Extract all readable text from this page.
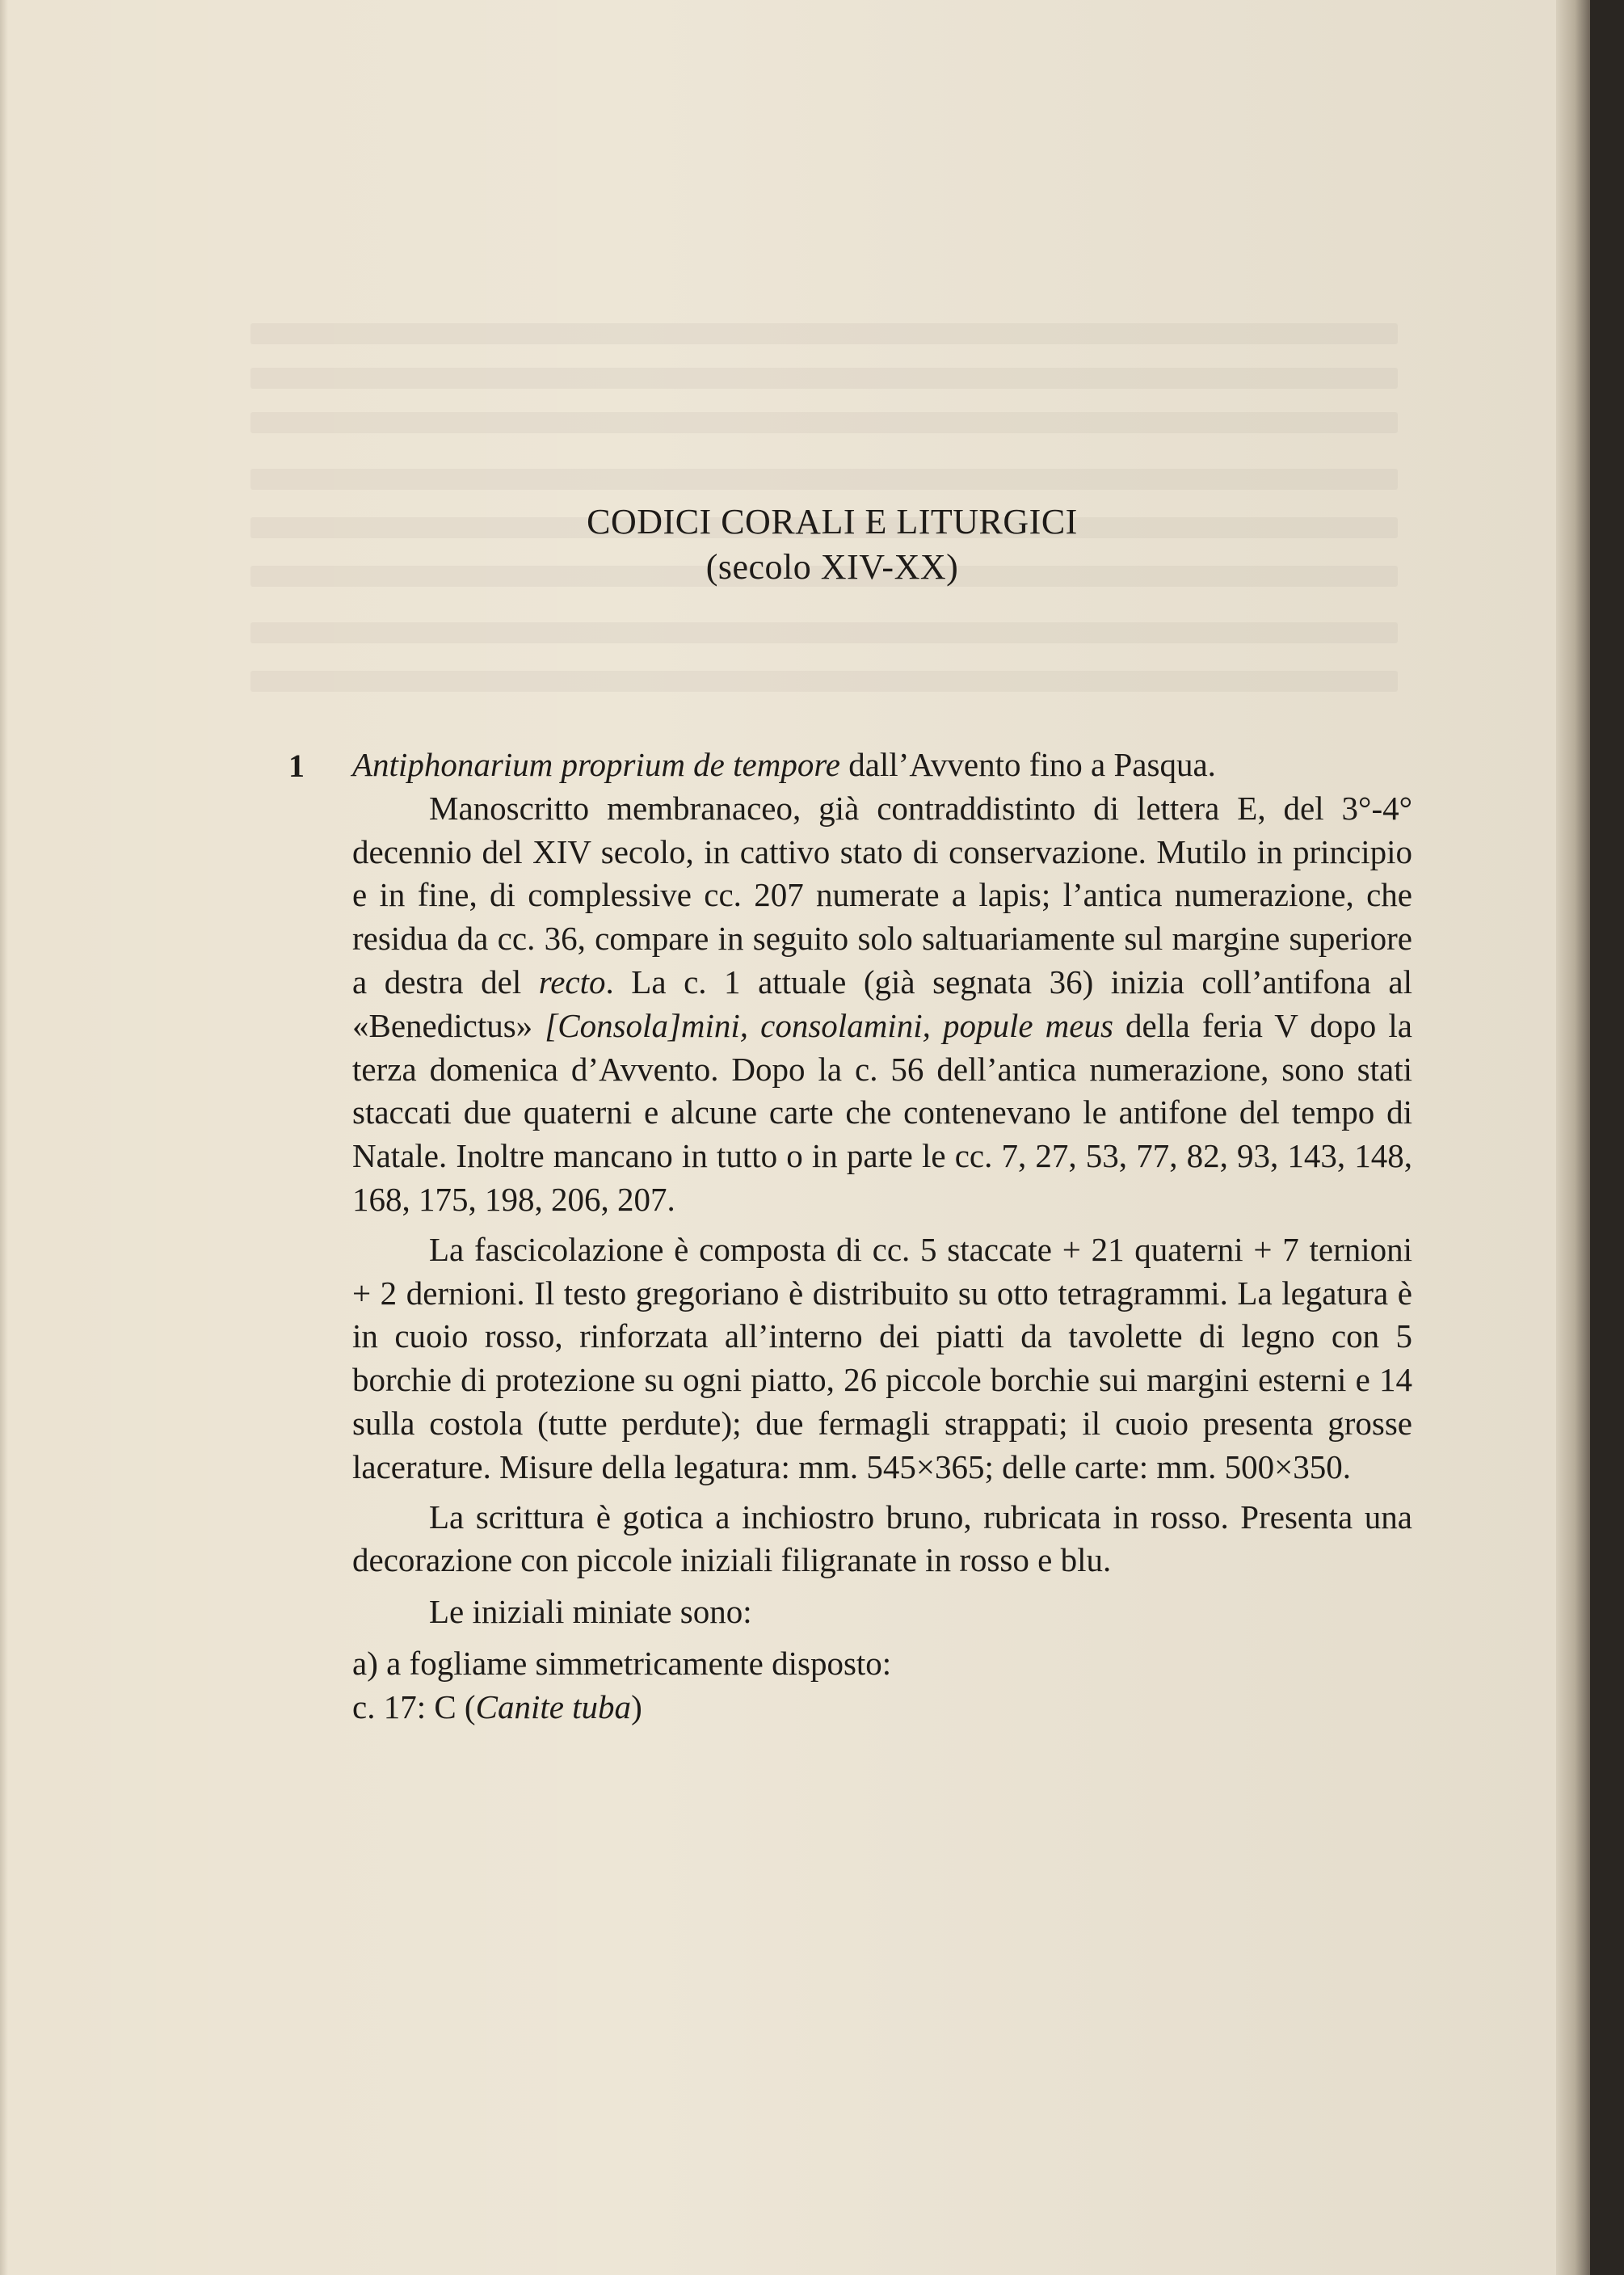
CODICI CORALI E LITURGICI
(secolo XIV-XX)
1 Antiphonarium proprium de tempore dall’Avvento fino a Pasqua.

Manoscritto membranaceo, già contraddistinto di lettera E, del 3°-4° decennio del XIV secolo, in cattivo stato di conservazione. Mutilo in principio e in fine, di complessive cc. 207 numerate a lapis; l’antica numerazione, che residua da cc. 36, compare in seguito solo saltuariamente sul margine superiore a destra del recto. La c. 1 attuale (già segnata 36) inizia coll’antifona al «Benedictus» [Consola]mini, consolamini, popule meus della feria V dopo la terza domenica d’Avvento. Dopo la c. 56 dell’antica numerazione, sono stati staccati due quaterni e alcune carte che contenevano le antifone del tempo di Natale. Inoltre mancano in tutto o in parte le cc. 7, 27, 53, 77, 82, 93, 143, 148, 168, 175, 198, 206, 207.

La fascicolazione è composta di cc. 5 staccate + 21 quaterni + 7 ternioni + 2 dernioni. Il testo gregoriano è distribuito su otto tetragrammi. La legatura è in cuoio rosso, rinforzata all’interno dei piatti da tavolette di legno con 5 borchie di protezione su ogni piatto, 26 piccole borchie sui margini esterni e 14 sulla costola (tutte perdute); due fermagli strappati; il cuoio presenta grosse lacerature. Misure della legatura: mm. 545×365; delle carte: mm. 500×350.

La scrittura è gotica a inchiostro bruno, rubricata in rosso. Presenta una decorazione con piccole iniziali filigranate in rosso e blu.

Le iniziali miniate sono:

a) a fogliame simmetricamente disposto:

c. 17: C (Canite tuba)
